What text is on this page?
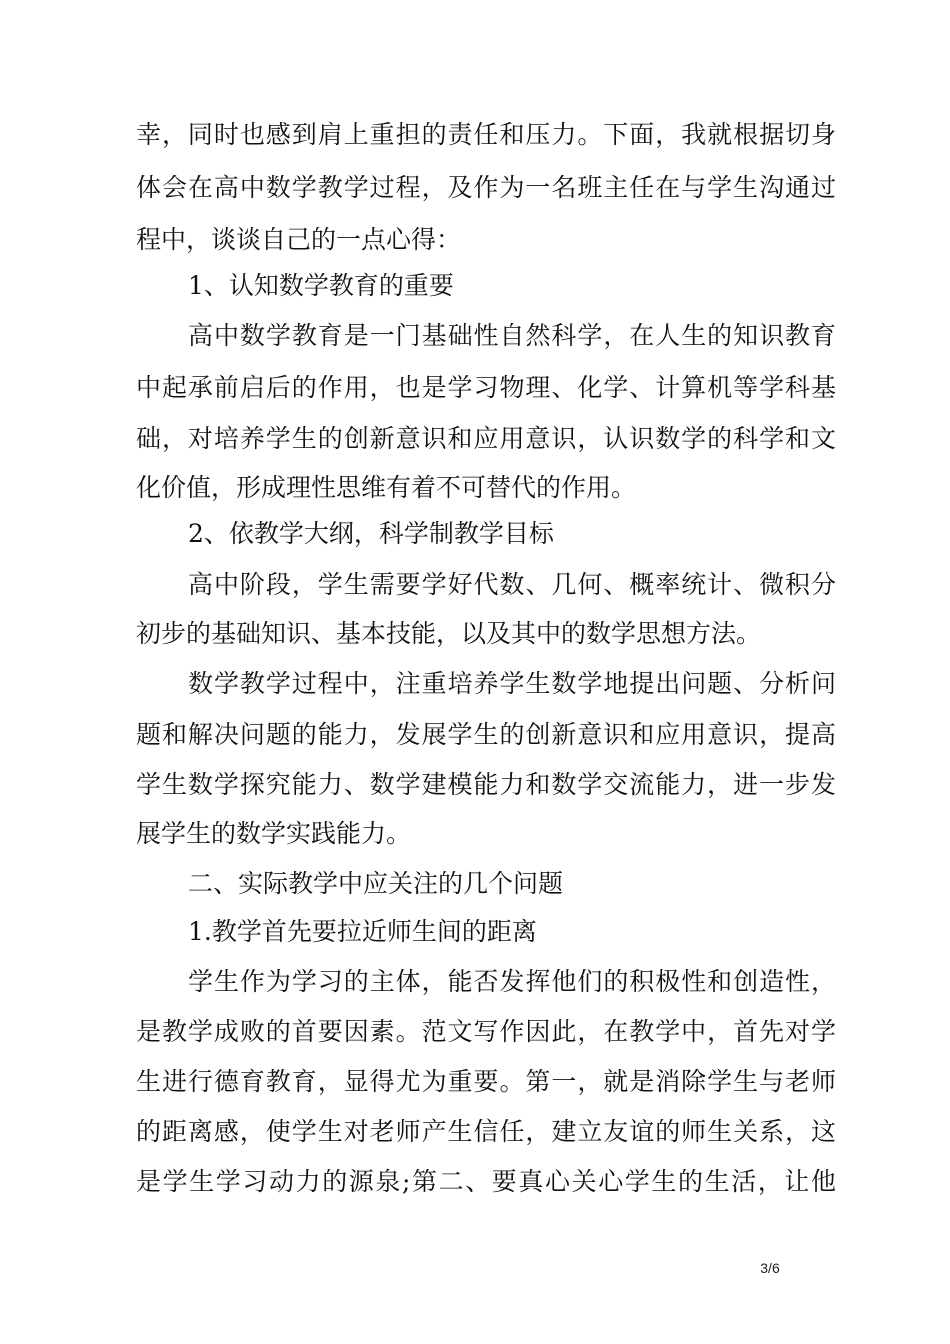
幸，同时也感到肩上重担的责任和压力。下面，我就根据切身
体会在高中数学教学过程，及作为一名班主任在与学生沟通过
程中，谈谈自己的一点心得：
1、认知数学教育的重要
高中数学教育是一门基础性自然科学，在人生的知识教育
中起承前启后的作用，也是学习物理、化学、计算机等学科基
础，对培养学生的创新意识和应用意识，认识数学的科学和文
化价值，形成理性思维有着不可替代的作用。
2、依教学大纲，科学制教学目标
高中阶段，学生需要学好代数、几何、概率统计、微积分
初步的基础知识、基本技能，以及其中的数学思想方法。
数学教学过程中，注重培养学生数学地提出问题、分析问
题和解决问题的能力，发展学生的创新意识和应用意识，提高
学生数学探究能力、数学建模能力和数学交流能力，进一步发
展学生的数学实践能力。
二、实际教学中应关注的几个问题
1.教学首先要拉近师生间的距离
学生作为学习的主体，能否发挥他们的积极性和创造性，
是教学成败的首要因素。范文写作因此，在教学中，首先对学
生进行德育教育，显得尤为重要。第一，就是消除学生与老师
的距离感，使学生对老师产生信任，建立友谊的师生关系，这
是学生学习动力的源泉;第二、要真心关心学生的生活，让他
3/6
